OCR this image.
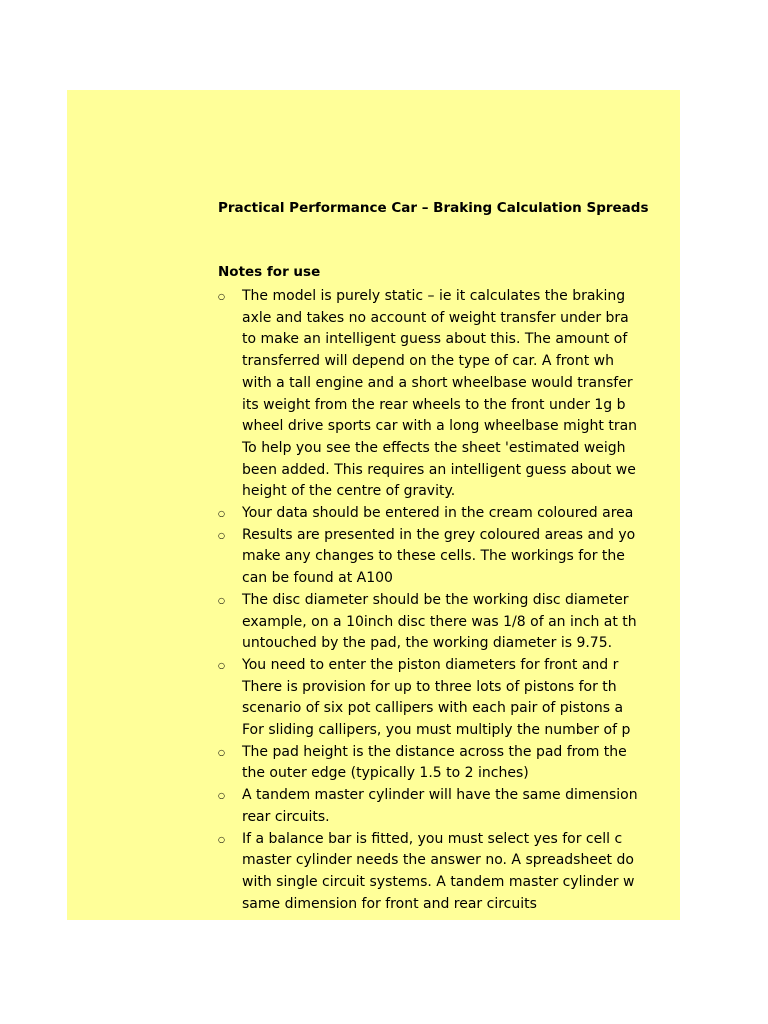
Practical Performance Car – Braking Calculation Spreads
Notes for use
○ The model is purely static – ie it calculates the braking
axle and takes no account of weight transfer under bra
to make an intelligent guess about this. The amount of
transferred will depend on the type of car. A front wh
with a tall engine and a short wheelbase would transfer
its weight from the rear wheels to the front under 1g b
wheel drive sports car with a long wheelbase might tran
To help you see the effects the sheet 'estimated weigh
been added. This requires an intelligent guess about we
height of the centre of gravity.
○ Your data should be entered in the cream coloured area
○ Results are presented in the grey coloured areas and yo
make any changes to these cells. The workings for the
can be found at A100
○ The disc diameter should be the working disc diameter
example, on a 10inch disc there was 1/8 of an inch at th
untouched by the pad, the working diameter is 9.75.
○ You need to enter the piston diameters for front and r
There is provision for up to three lots of pistons for th
scenario of six pot callipers with each pair of pistons a
For sliding callipers, you must multiply the number of p
○ The pad height is the distance across the pad from the
the outer edge (typically 1.5 to 2 inches)
○ A tandem master cylinder will have the same dimension
rear circuits.
○ If a balance bar is fitted, you must select yes for cell c
master cylinder needs the answer no. A spreadsheet do
with single circuit systems. A tandem master cylinder w
same dimension for front and rear circuits
